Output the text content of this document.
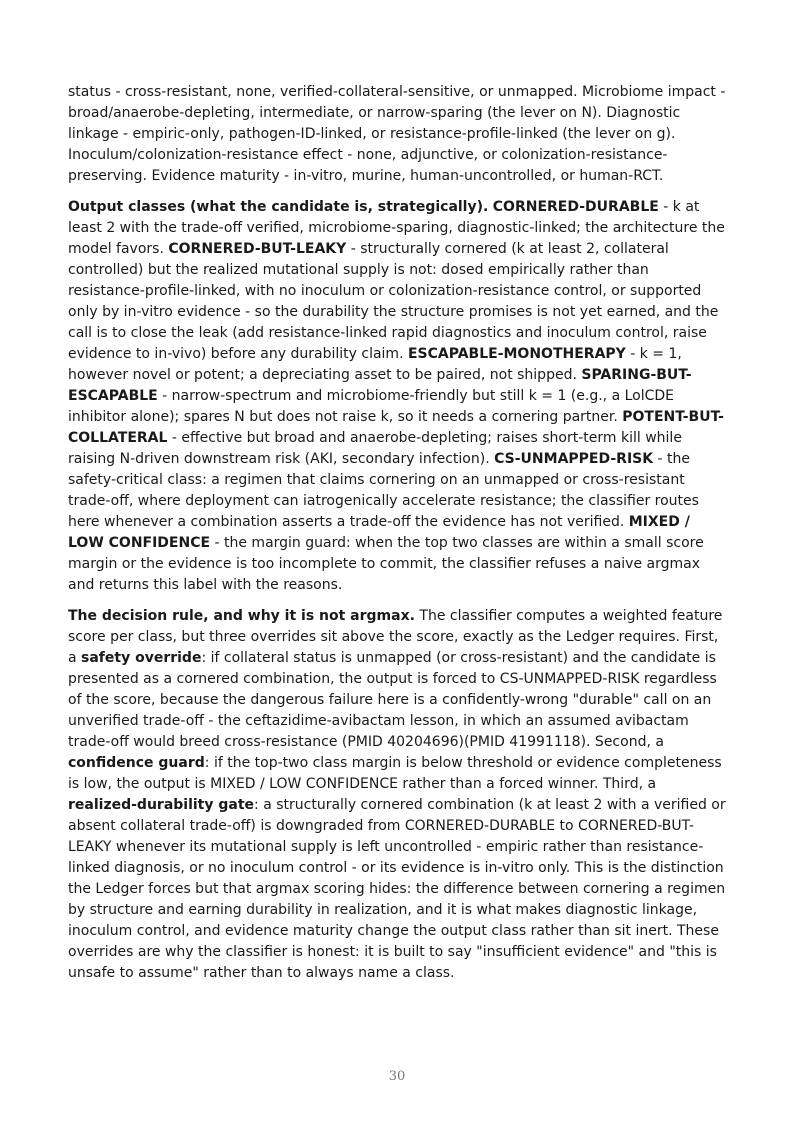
status - cross-resistant, none, verified-collateral-sensitive, or unmapped. Microbiome impact - broad/anaerobe-depleting, intermediate, or narrow-sparing (the lever on N). Diagnostic linkage - empiric-only, pathogen-ID-linked, or resistance-profile-linked (the lever on g). Inoculum/colonization-resistance effect - none, adjunctive, or colonization-resistance-preserving. Evidence maturity - in-vitro, murine, human-uncontrolled, or human-RCT.

Output classes (what the candidate is, strategically). CORNERED-DURABLE - k at least 2 with the trade-off verified, microbiome-sparing, diagnostic-linked; the architecture the model favors. CORNERED-BUT-LEAKY - structurally cornered (k at least 2, collateral controlled) but the realized mutational supply is not: dosed empirically rather than resistance-profile-linked, with no inoculum or colonization-resistance control, or supported only by in-vitro evidence - so the durability the structure promises is not yet earned, and the call is to close the leak (add resistance-linked rapid diagnostics and inoculum control, raise evidence to in-vivo) before any durability claim. ESCAPABLE-MONOTHERAPY - k = 1, however novel or potent; a depreciating asset to be paired, not shipped. SPARING-BUT-ESCAPABLE - narrow-spectrum and microbiome-friendly but still k = 1 (e.g., a LolCDE inhibitor alone); spares N but does not raise k, so it needs a cornering partner. POTENT-BUT-COLLATERAL - effective but broad and anaerobe-depleting; raises short-term kill while raising N-driven downstream risk (AKI, secondary infection). CS-UNMAPPED-RISK - the safety-critical class: a regimen that claims cornering on an unmapped or cross-resistant trade-off, where deployment can iatrogenically accelerate resistance; the classifier routes here whenever a combination asserts a trade-off the evidence has not verified. MIXED / LOW CONFIDENCE - the margin guard: when the top two classes are within a small score margin or the evidence is too incomplete to commit, the classifier refuses a naive argmax and returns this label with the reasons.

The decision rule, and why it is not argmax. The classifier computes a weighted feature score per class, but three overrides sit above the score, exactly as the Ledger requires. First, a safety override: if collateral status is unmapped (or cross-resistant) and the candidate is presented as a cornered combination, the output is forced to CS-UNMAPPED-RISK regardless of the score, because the dangerous failure here is a confidently-wrong "durable" call on an unverified trade-off - the ceftazidime-avibactam lesson, in which an assumed avibactam trade-off would breed cross-resistance (PMID 40204696)(PMID 41991118). Second, a confidence guard: if the top-two class margin is below threshold or evidence completeness is low, the output is MIXED / LOW CONFIDENCE rather than a forced winner. Third, a realized-durability gate: a structurally cornered combination (k at least 2 with a verified or absent collateral trade-off) is downgraded from CORNERED-DURABLE to CORNERED-BUT-LEAKY whenever its mutational supply is left uncontrolled - empiric rather than resistance-linked diagnosis, or no inoculum control - or its evidence is in-vitro only. This is the distinction the Ledger forces but that argmax scoring hides: the difference between cornering a regimen by structure and earning durability in realization, and it is what makes diagnostic linkage, inoculum control, and evidence maturity change the output class rather than sit inert. These overrides are why the classifier is honest: it is built to say "insufficient evidence" and "this is unsafe to assume" rather than to always name a class.

30
